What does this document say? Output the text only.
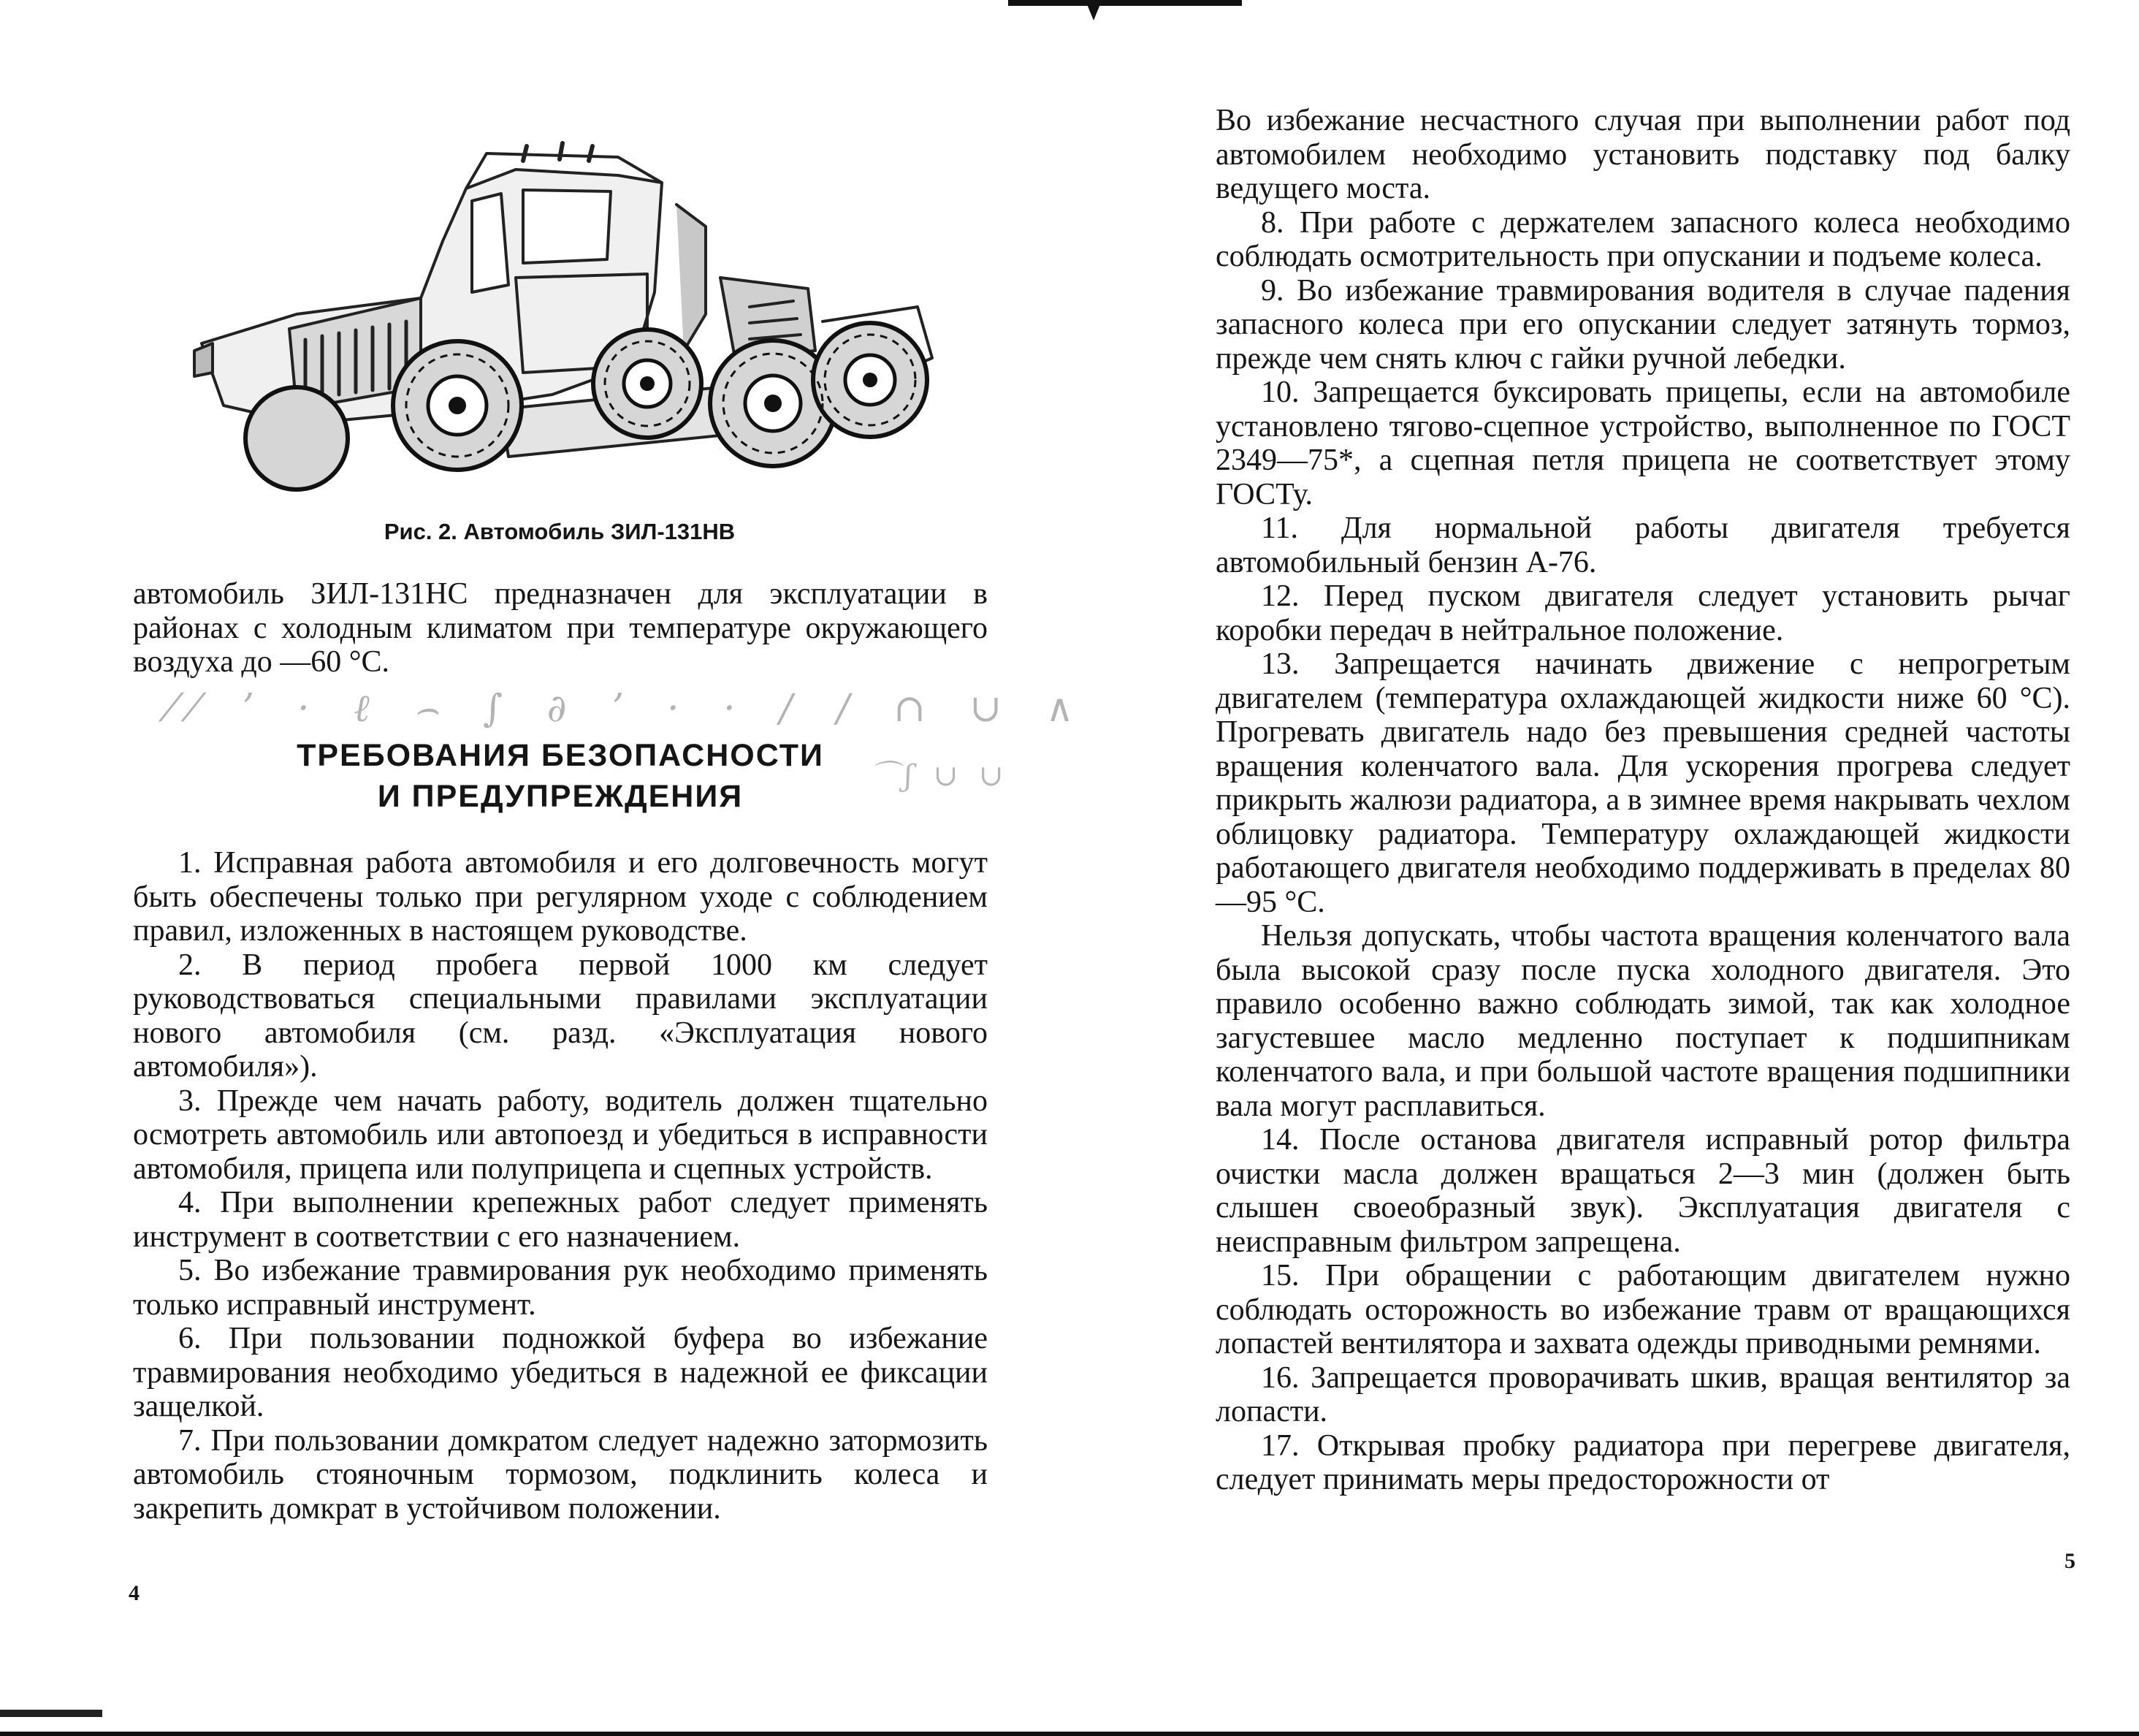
Рис. 2. Автомобиль ЗИЛ-131НВ

автомобиль ЗИЛ-131НС предназначен для эксплуатации в районах с холодным климатом при температуре окружающего воздуха до —60 °С.

⁄⁄ ʼ · ℓ ⌢ ∫ ∂ ʼ · · / / ∩ ∪ ∧
⌒ʃ ∪ ∪
ТРЕБОВАНИЯ БЕЗОПАСНОСТИ
И ПРЕДУПРЕЖДЕНИЯ

1. Исправная работа автомобиля и его долговечность могут быть обеспечены только при регулярном уходе с соблюдением правил, изложенных в настоящем руководстве.

2. В период пробега первой 1000 км следует руководствоваться специальными правилами эксплуатации нового автомобиля (см. разд. «Эксплуатация нового автомобиля»).

3. Прежде чем начать работу, водитель должен тщательно осмотреть автомобиль или автопоезд и убедиться в исправности автомобиля, прицепа или полуприцепа и сцепных устройств.

4. При выполнении крепежных работ следует применять инструмент в соответствии с его назначением.

5. Во избежание травмирования рук необходимо применять только исправный инструмент.

6. При пользовании подножкой буфера во избежание травмирования необходимо убедиться в надежной ее фиксации защелкой.

7. При пользовании домкратом следует надежно затормозить автомобиль стояночным тормозом, подклинить колеса и закрепить домкрат в устойчивом положении.

4

Во избежание несчастного случая при выполнении работ под автомобилем необходимо установить подставку под балку ведущего моста.

8. При работе с держателем запасного колеса необходимо соблюдать осмотрительность при опускании и подъеме колеса.

9. Во избежание травмирования водителя в случае падения запасного колеса при его опускании следует затянуть тормоз, прежде чем снять ключ с гайки ручной лебедки.

10. Запрещается буксировать прицепы, если на автомобиле установлено тягово-сцепное устройство, выполненное по ГОСТ 2349—75*, а сцепная петля прицепа не соответствует этому ГОСТу.

11. Для нормальной работы двигателя требуется автомобильный бензин А-76.

12. Перед пуском двигателя следует установить рычаг коробки передач в нейтральное положение.

13. Запрещается начинать движение с непрогретым двигателем (температура охлаждающей жидкости ниже 60 °С). Прогревать двигатель надо без превышения средней частоты вращения коленчатого вала. Для ускорения прогрева следует прикрыть жалюзи радиатора, а в зимнее время накрывать чехлом облицовку радиатора. Температуру охлаждающей жидкости работающего двигателя необходимо поддерживать в пределах 80—95 °С.

Нельзя допускать, чтобы частота вращения коленчатого вала была высокой сразу после пуска холодного двигателя. Это правило особенно важно соблюдать зимой, так как холодное загустевшее масло медленно поступает к подшипникам коленчатого вала, и при большой частоте вращения подшипники вала могут расплавиться.

14. После останова двигателя исправный ротор фильтра очистки масла должен вращаться 2—3 мин (должен быть слышен своеобразный звук). Эксплуатация двигателя с неисправным фильтром запрещена.

15. При обращении с работающим двигателем нужно соблюдать осторожность во избежание травм от вращающихся лопастей вентилятора и захвата одежды приводными ремнями.

16. Запрещается проворачивать шкив, вращая вентилятор за лопасти.

17. Открывая пробку радиатора при перегреве двигателя, следует принимать меры предосторожности от

5
